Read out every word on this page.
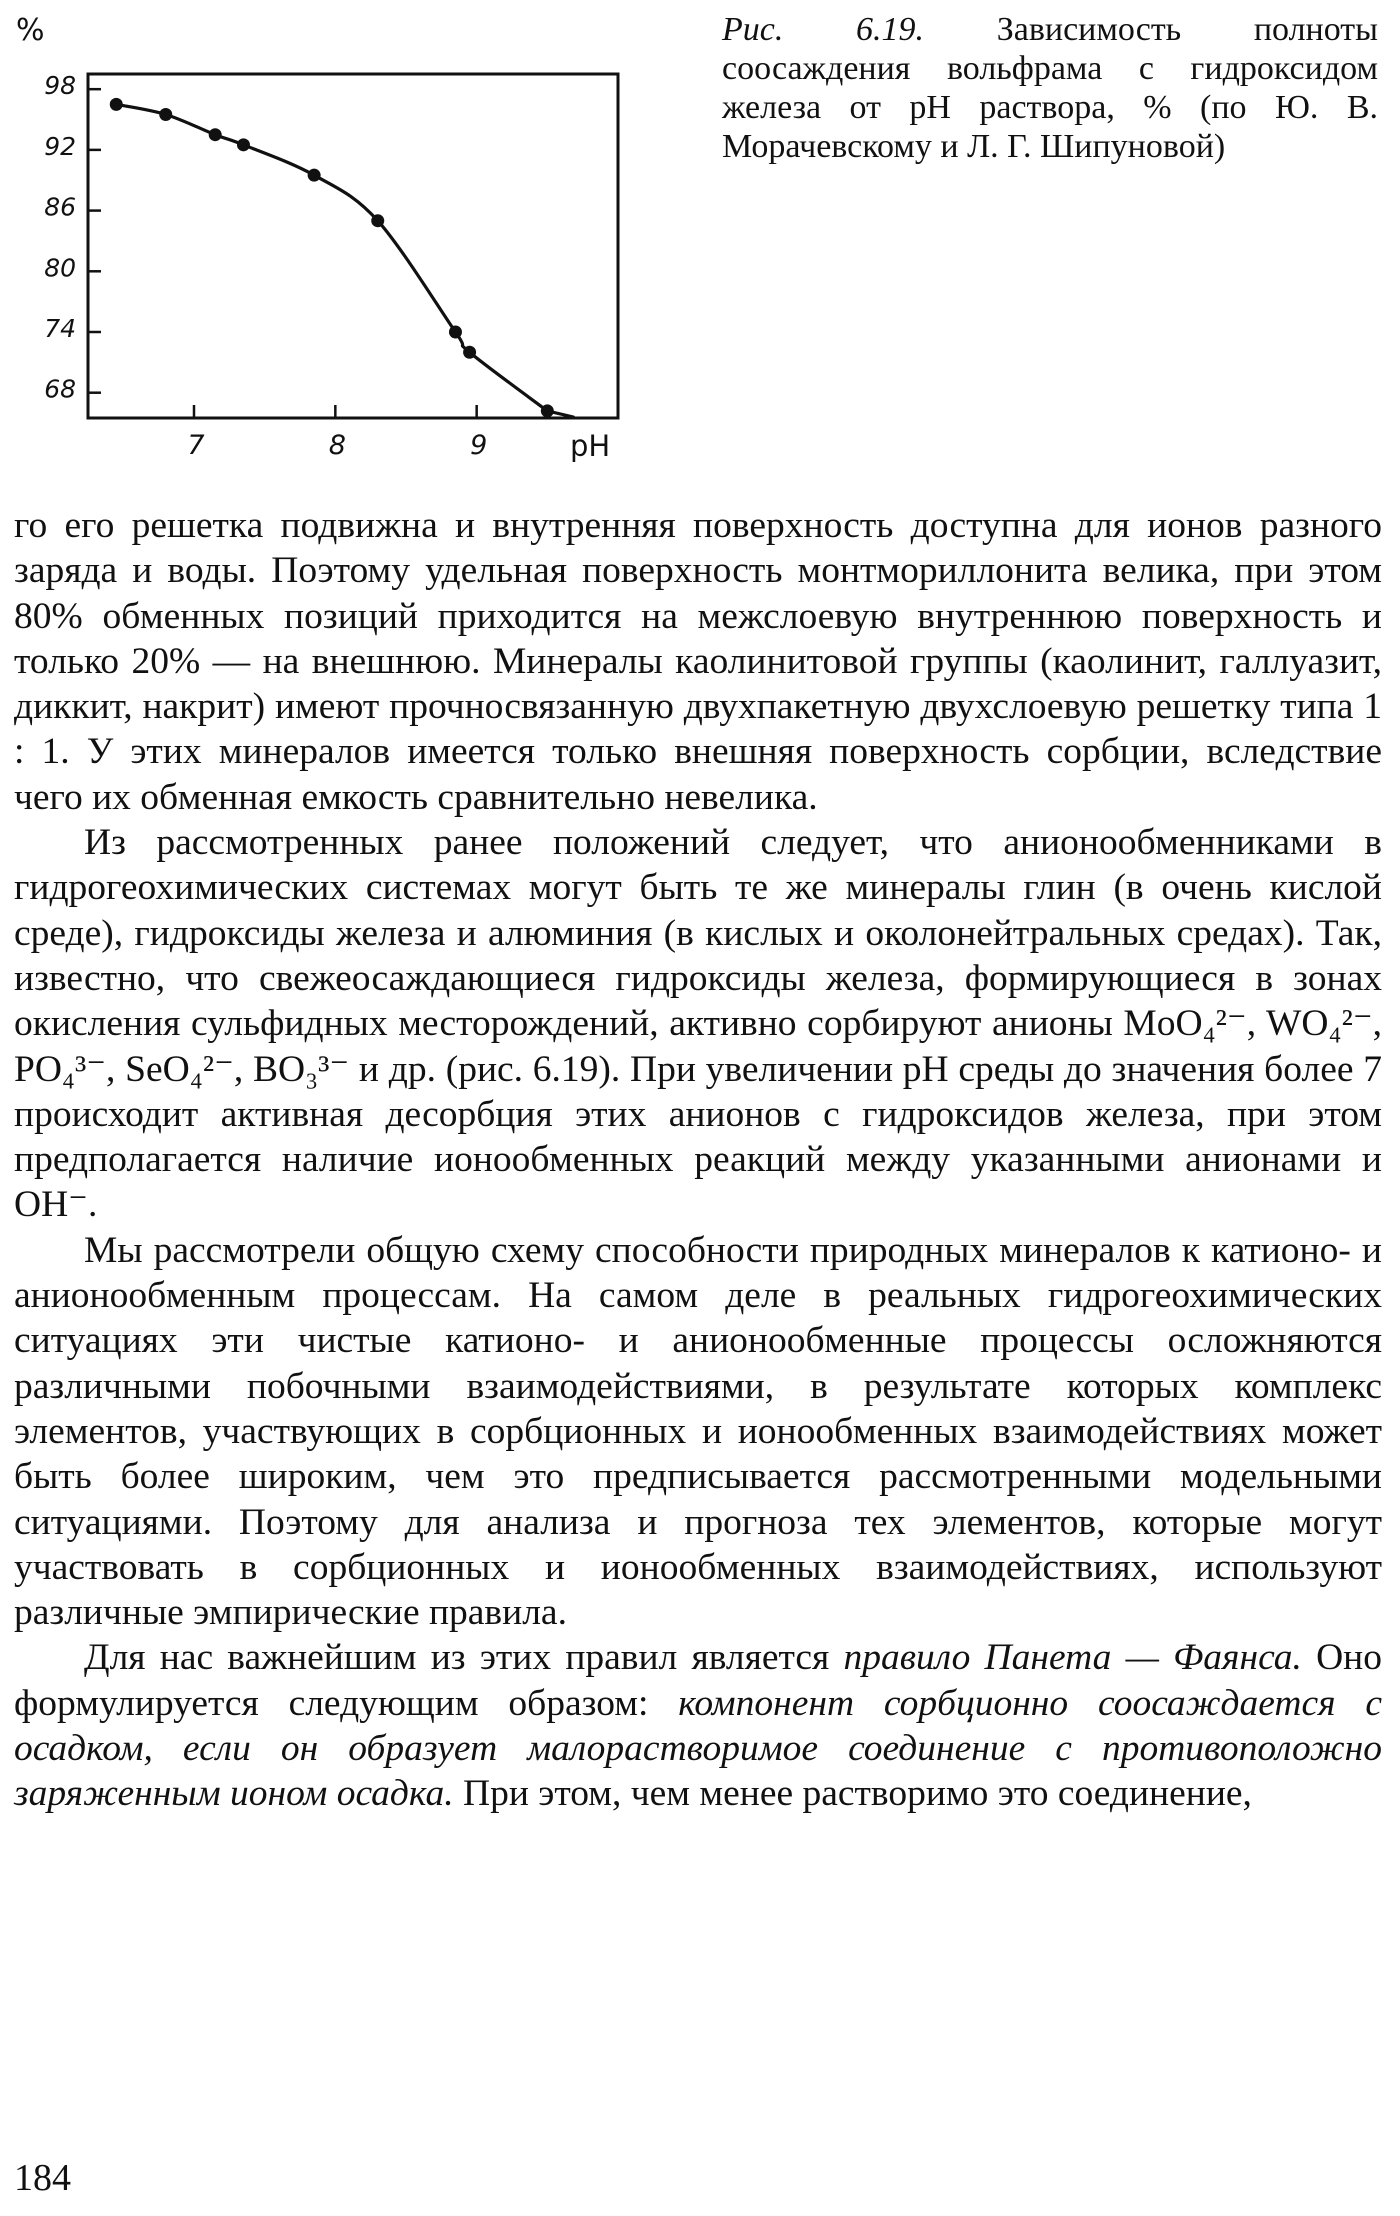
98
92
86
80
74
68
7	8	9
%
pH
Рис. 6.19. Зависимость полноты соосаждения вольфрама с гидроксидом железа от pH раствора, % (по Ю. В. Морачевскому и Л. Г. Шипуновой)

го его решетка подвижна и внутренняя поверхность доступна для ионов разного заряда и воды. Поэтому удельная поверхность монтмориллонита велика, при этом 80% обменных позиций приходится на межслоевую внутреннюю поверхность и только 20% — на внешнюю. Минералы каолинитовой группы (каолинит, галлуазит, диккит, накрит) имеют прочносвязанную двухпакетную двухслоевую решетку типа 1 : 1. У этих минералов имеется только внешняя поверхность сорбции, вследствие чего их обменная емкость сравнительно невелика.

Из рассмотренных ранее положений следует, что анионообменниками в гидрогеохимических системах могут быть те же минералы глин (в очень кислой среде), гидроксиды железа и алюминия (в кислых и околонейтральных средах). Так, известно, что свежеосаждающиеся гидроксиды железа, формирующиеся в зонах окисления сульфидных месторождений, активно сорбируют анионы MoO₄²⁻, WO₄²⁻, PO₄³⁻, SeO₄²⁻, BO₃³⁻ и др. (рис. 6.19). При увеличении pH среды до значения более 7 происходит активная десорбция этих анионов с гидроксидов железа, при этом предполагается наличие ионообменных реакций между указанными анионами и OH⁻.

Мы рассмотрели общую схему способности природных минералов к катионо- и анионообменным процессам. На самом деле в реальных гидрогеохимических ситуациях эти чистые катионо- и анионообменные процессы осложняются различными побочными взаимодействиями, в результате которых комплекс элементов, участвующих в сорбционных и ионообменных взаимодействиях может быть более широким, чем это предписывается рассмотренными модельными ситуациями. Поэтому для анализа и прогноза тех элементов, которые могут участвовать в сорбционных и ионообменных взаимодействиях, используют различные эмпирические правила.

Для нас важнейшим из этих правил является правило Панета — Фаянса. Оно формулируется следующим образом: компонент сорбционно соосаждается с осадком, если он образует малорастворимое соединение с противоположно заряженным ионом осадка. При этом, чем менее растворимо это соединение,

184
